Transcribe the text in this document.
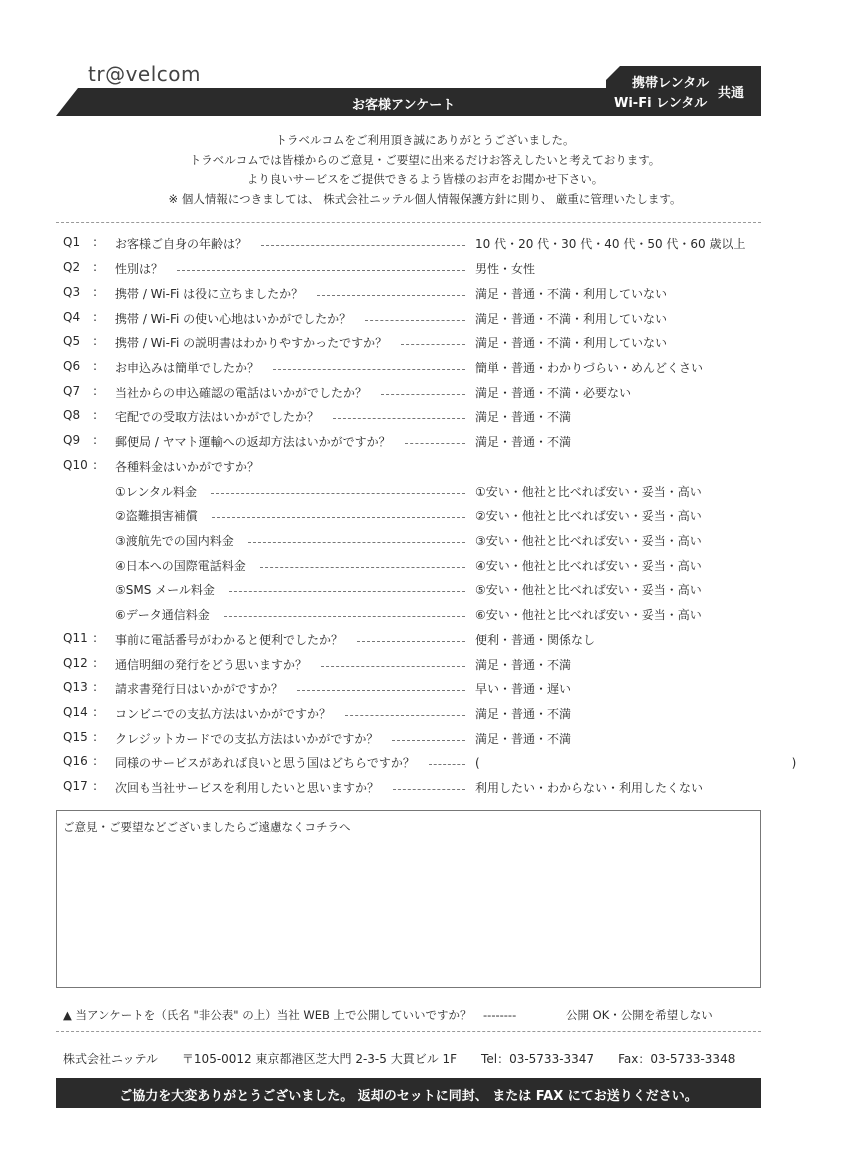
tr@velcom
お客様アンケート
携帯レンタル
Wi-Fi レンタル
共通
トラベルコムをご利用頂き誠にありがとうございました。
トラベルコムでは皆様からのご意見・ご要望に出来るだけお答えしたいと考えております。
より良いサービスをご提供できるよう皆様のお声をお聞かせ下さい。
※ 個人情報につきましては、 株式会社ニッテル個人情報保護方針に則り、 厳重に管理いたします。
Q1 : お客様ご自身の年齢は？	10 代・20 代・30 代・40 代・50 代・60 歳以上
Q2 : 性別は？	男性・女性
Q3 : 携帯 / Wi-Fi は役に立ちましたか？	満足・普通・不満・利用していない
Q4 : 携帯 / Wi-Fi の使い心地はいかがでしたか？	満足・普通・不満・利用していない
Q5 : 携帯 / Wi-Fi の説明書はわかりやすかったですか？	満足・普通・不満・利用していない
Q6 : お申込みは簡単でしたか？	簡単・普通・わかりづらい・めんどくさい
Q7 : 当社からの申込確認の電話はいかがでしたか？	満足・普通・不満・必要ない
Q8 : 宅配での受取方法はいかがでしたか？	満足・普通・不満
Q9 : 郵便局 / ヤマト運輸への返却方法はいかがですか？	満足・普通・不満
Q10 : 各種料金はいかがですか？
①レンタル料金	①安い・他社と比べれば安い・妥当・高い
②盗難損害補償	②安い・他社と比べれば安い・妥当・高い
③渡航先での国内料金	③安い・他社と比べれば安い・妥当・高い
④日本への国際電話料金	④安い・他社と比べれば安い・妥当・高い
⑤SMS メール料金	⑤安い・他社と比べれば安い・妥当・高い
⑥データ通信料金	⑥安い・他社と比べれば安い・妥当・高い
Q11 : 事前に電話番号がわかると便利でしたか？	便利・普通・関係なし
Q12 : 通信明細の発行をどう思いますか？	満足・普通・不満
Q13 : 請求書発行日はいかがですか？	早い・普通・遅い
Q14 : コンビニでの支払方法はいかがですか？	満足・普通・不満
Q15 : クレジットカードでの支払方法はいかがですか？	満足・普通・不満
Q16 : 同様のサービスがあれば良いと思う国はどちらですか？	(　　　　　　　　　　　　　　　　　　　　　　　　　　)
Q17 : 次回も当社サービスを利用したいと思いますか？	利用したい・わからない・利用したくない
ご意見・ご要望などございましたらご遠慮なくコチラへ
▲ 当アンケートを（氏名 "非公表" の上）当社 WEB 上で公開していいですか？　--------	公開 OK・公開を希望しない
株式会社ニッテル　　〒105-0012 東京都港区芝大門 2-3-5 大貫ビル 1F　　Tel：03-5733-3347　　Fax：03-5733-3348
ご協力を大変ありがとうございました。 返却のセットに同封、 または FAX にてお送りください。
